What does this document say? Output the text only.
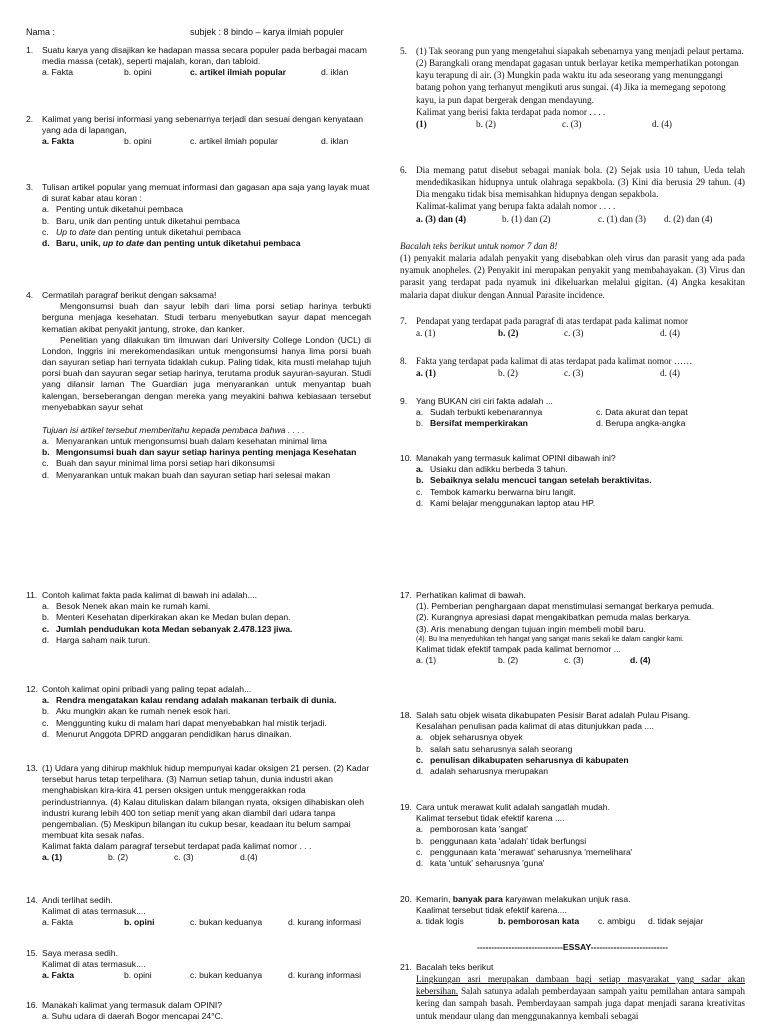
Nama :	subjek : 8 bindo – karya ilmiah populer
1.	Suatu karya yang disajikan ke hadapan massa secara populer pada berbagai macam media massa (cetak), seperti majalah, koran, dan tabloid.
a. Fakta	b. opini	c. artikel ilmiah popular	d. iklan
2.	Kalimat yang berisi informasi yang sebenarnya terjadi dan sesuai dengan kenyataan yang ada di lapangan,
a. Fakta	b. opini	c. artikel ilmiah popular	d. iklan
3.	Tulisan artikel popular yang memuat informasi dan gagasan apa saja yang layak muat di surat kabar atau koran :
a. Penting untuk diketahui pembaca
b. Baru, unik dan penting untuk diketahui pembaca
c. Up to date dan penting untuk diketahui pembaca
d. Baru, unik, up to date dan penting untuk diketahui pembaca
4.	Cermatilah paragraf berikut dengan saksama!
Mengonsumsi buah dan sayur lebih dari lima porsi setiap harinya terbukti berguna menjaga kesehatan. Studi terbaru menyebutkan sayur dapat mencegah kematian akibat penyakit jantung, stroke, dan kanker.
Penelitian yang dilakukan tim ilmuwan dari University College London (UCL) di London, Inggris ini merekomendasikan untuk mengonsumsi hanya lima porsi buah dan sayuran setiap hari ternyata tidaklah cukup. Paling tidak, kita musti melahap tujuh porsi buah dan sayuran segar setiap harinya, terutama produk sayuran-sayuran. Studi yang dilansir laman The Guardian juga menyarankan untuk menyantap buah kalengan, berseberangan dengan mereka yang meyakini bahwa kebiasaan tersebut menyebabkan sayur sehat
Tujuan isi artikel tersebut memberitahu kepada pembaca bahwa . . . .
a. Menyarankan untuk mengonsumsi buah dalam kesehatan minimal lima
b. Mengonsumsi buah dan sayur setiap harinya penting menjaga Kesehatan
c. Buah dan sayur minimal lima porsi setiap hari dikonsumsi
d. Menyarankan untuk makan buah dan sayuran setiap hari selesai makan
5. (1) Tak seorang pun yang mengetahui siapakah sebenarnya yang menjadi pelaut pertama. (2) Barangkali orang mendapat gagasan untuk berlayar ketika memperhatikan potongan kayu terapung di air. (3) Mungkin pada waktu itu ada seseorang yang menunggangi batang pohon yang terhanyut mengikuti arus sungai. (4) Jika ia memegang sepotong kayu, ia pun dapat bergerak dengan mendayung.
Kalimat yang berisi fakta terdapat pada nomor . . . .
(1)	b. (2)	c. (3)	d. (4)
6. Dia memang patut disebut sebagai maniak bola. (2) Sejak usia 10 tahun, Ueda telah mendedikasikan hidupnya untuk olahraga sepakbola. (3) Kini dia berusia 29 tahun. (4) Dia mengaku tidak bisa memisahkan hidupnya dengan sepakbola.
Kalimat-kalimat yang berupa fakta adalah nomor . . . .
a. (3) dan (4)	b. (1) dan (2)	c. (1) dan (3)	d. (2) dan (4)
Bacalah teks berikut untuk nomor 7 dan 8!
(1) penyakit malaria adalah penyakit yang disebabkan oleh virus dan parasit yang ada pada nyamuk anopheles. (2) Penyakit ini merupakan penyakit yang membahayakan. (3) Virus dan parasit yang terdapat pada nyamuk ini dikeluarkan melalui gigitan. (4) Angka kesakitan malaria dapat diukur dengan Annual Parasite incidence.
7. Pendapat yang terdapat pada paragraf di atas terdapat pada kalimat nomor
a. (1)	b. (2)	c. (3)	d. (4)
8. Fakta yang terdapat pada kalimat di atas terdapat pada kalimat nomor ……
a. (1)	b. (2)	c. (3)	d. (4)
9.	Yang BUKAN ciri ciri fakta adalah ...
a. Sudah terbukti kebenarannya	c. Data akurat dan tepat
b. Bersifat memperkirakan	d. Berupa angka-angka
10. Manakah yang termasuk kalimat OPINI dibawah ini?
a. Usiaku dan adikku berbeda 3 tahun.
b. Sebaiknya selalu mencuci tangan setelah beraktivitas.
c. Tembok kamarku berwarna biru langit.
d. Kami belajar menggunakan laptop atau HP.
11. Contoh kalimat fakta pada kalimat di bawah ini adalah....
a. Besok Nenek akan main ke rumah kami.
b. Menteri Kesehatan diperkirakan akan ke Medan bulan depan.
c. Jumlah pendudukan kota Medan sebanyak 2.478.123 jiwa.
d. Harga saham naik turun.
12. Contoh kalimat opini pribadi yang paling tepat adalah...
a. Rendra mengatakan kalau rendang adalah makanan terbaik di dunia.
b. Aku mungkin akan ke rumah nenek esok hari.
c. Menggunting kuku di malam hari dapat menyebabkan hal mistik terjadi.
d. Menurut Anggota DPRD anggaran pendidikan harus dinaikan.
13. (1) Udara yang dihirup makhluk hidup mempunyai kadar oksigen 21 persen. (2) Kadar tersebut harus tetap terpelihara. (3) Namun setiap tahun, dunia industri akan menghabiskan kira-kira 41 persen oksigen untuk menggerakkan roda perindustriannya. (4) Kalau dituliskan dalam bilangan nyata, oksigen dihabiskan oleh industri kurang lebih 400 ton setiap menit yang akan diambil dari udara tanpa pengembalian. (5) Meskipun bilangan itu cukup besar, keadaan itu belum sampai membuat kita sesak nafas.
Kalimat fakta dalam paragraf tersebut terdapat pada kalimat nomor . . .
a. (1)	b. (2)	c. (3)	d.(4)
14. Andi terlihat sedih.
Kalimat di atas termasuk....
a. Fakta	b. opini	c. bukan keduanya	d. kurang informasi
15. Saya merasa sedih.
Kalimat di atas termasuk....
a. Fakta	b. opini	c. bukan keduanya	d. kurang informasi
16. Manakah kalimat yang termasuk dalam OPINI?
a. Suhu udara di daerah Bogor mencapai 24°C.
17. Perhatikan kalimat di bawah.
(1). Pemberian penghargaan dapat menstimulasi semangat berkarya pemuda.
(2). Kurangnya apresiasi dapat mengakibatkan pemuda malas berkarya.
(3). Aris menabung dengan tujuan ingin membeli mobil baru.
(4). Bu Ina menyeduhkan teh hangat yang sangat manis sekali ke dalam cangkir kami.
Kalimat tidak efektif tampak pada kalimat bernomor ...
a. (1)	b. (2)	c. (3)	d. (4)
18. Salah satu objek wisata dikabupaten Pesisir Barat adalah Pulau Pisang.
Kesalahan penulisan pada kalimat di atas ditunjukkan pada ....
a. objek seharusnya obyek
b. salah satu seharusnya salah seorang
c. penulisan dikabupaten seharusnya di kabupaten
d. adalah seharusnya merupakan
19. Cara untuk merawat kulit adalah sangatlah mudah.
Kalimat tersebut tidak efektif karena ....
a. pemborosan kata 'sangat'
b. penggunaan kata 'adalah' tidak berfungsi
c. penggunaan kata 'merawat' seharusnya 'memelihara'
d. kata 'untuk' seharusnya 'guna'
20. Kemarin, banyak para karyawan melakukan unjuk rasa.
Kaalimat tersebut tidak efektif karena....
a. tidak logis	b. pemborosan kata	c. ambigu	d. tidak sejajar
------------------------------ESSAY---------------------------
21. Bacalah teks berikut
Lingkungan asri merupakan dambaan bagi setiap masyarakat yang sadar akan kebersihan. Salah satunya adalah pemberdayaan sampah yaitu pemilahan antara sampah kering dan sampah basah. Pemberdayaan sampah juga dapat menjadi sarana kreativitas untuk mendaur ulang dan menggunakannya kembali sebagai
